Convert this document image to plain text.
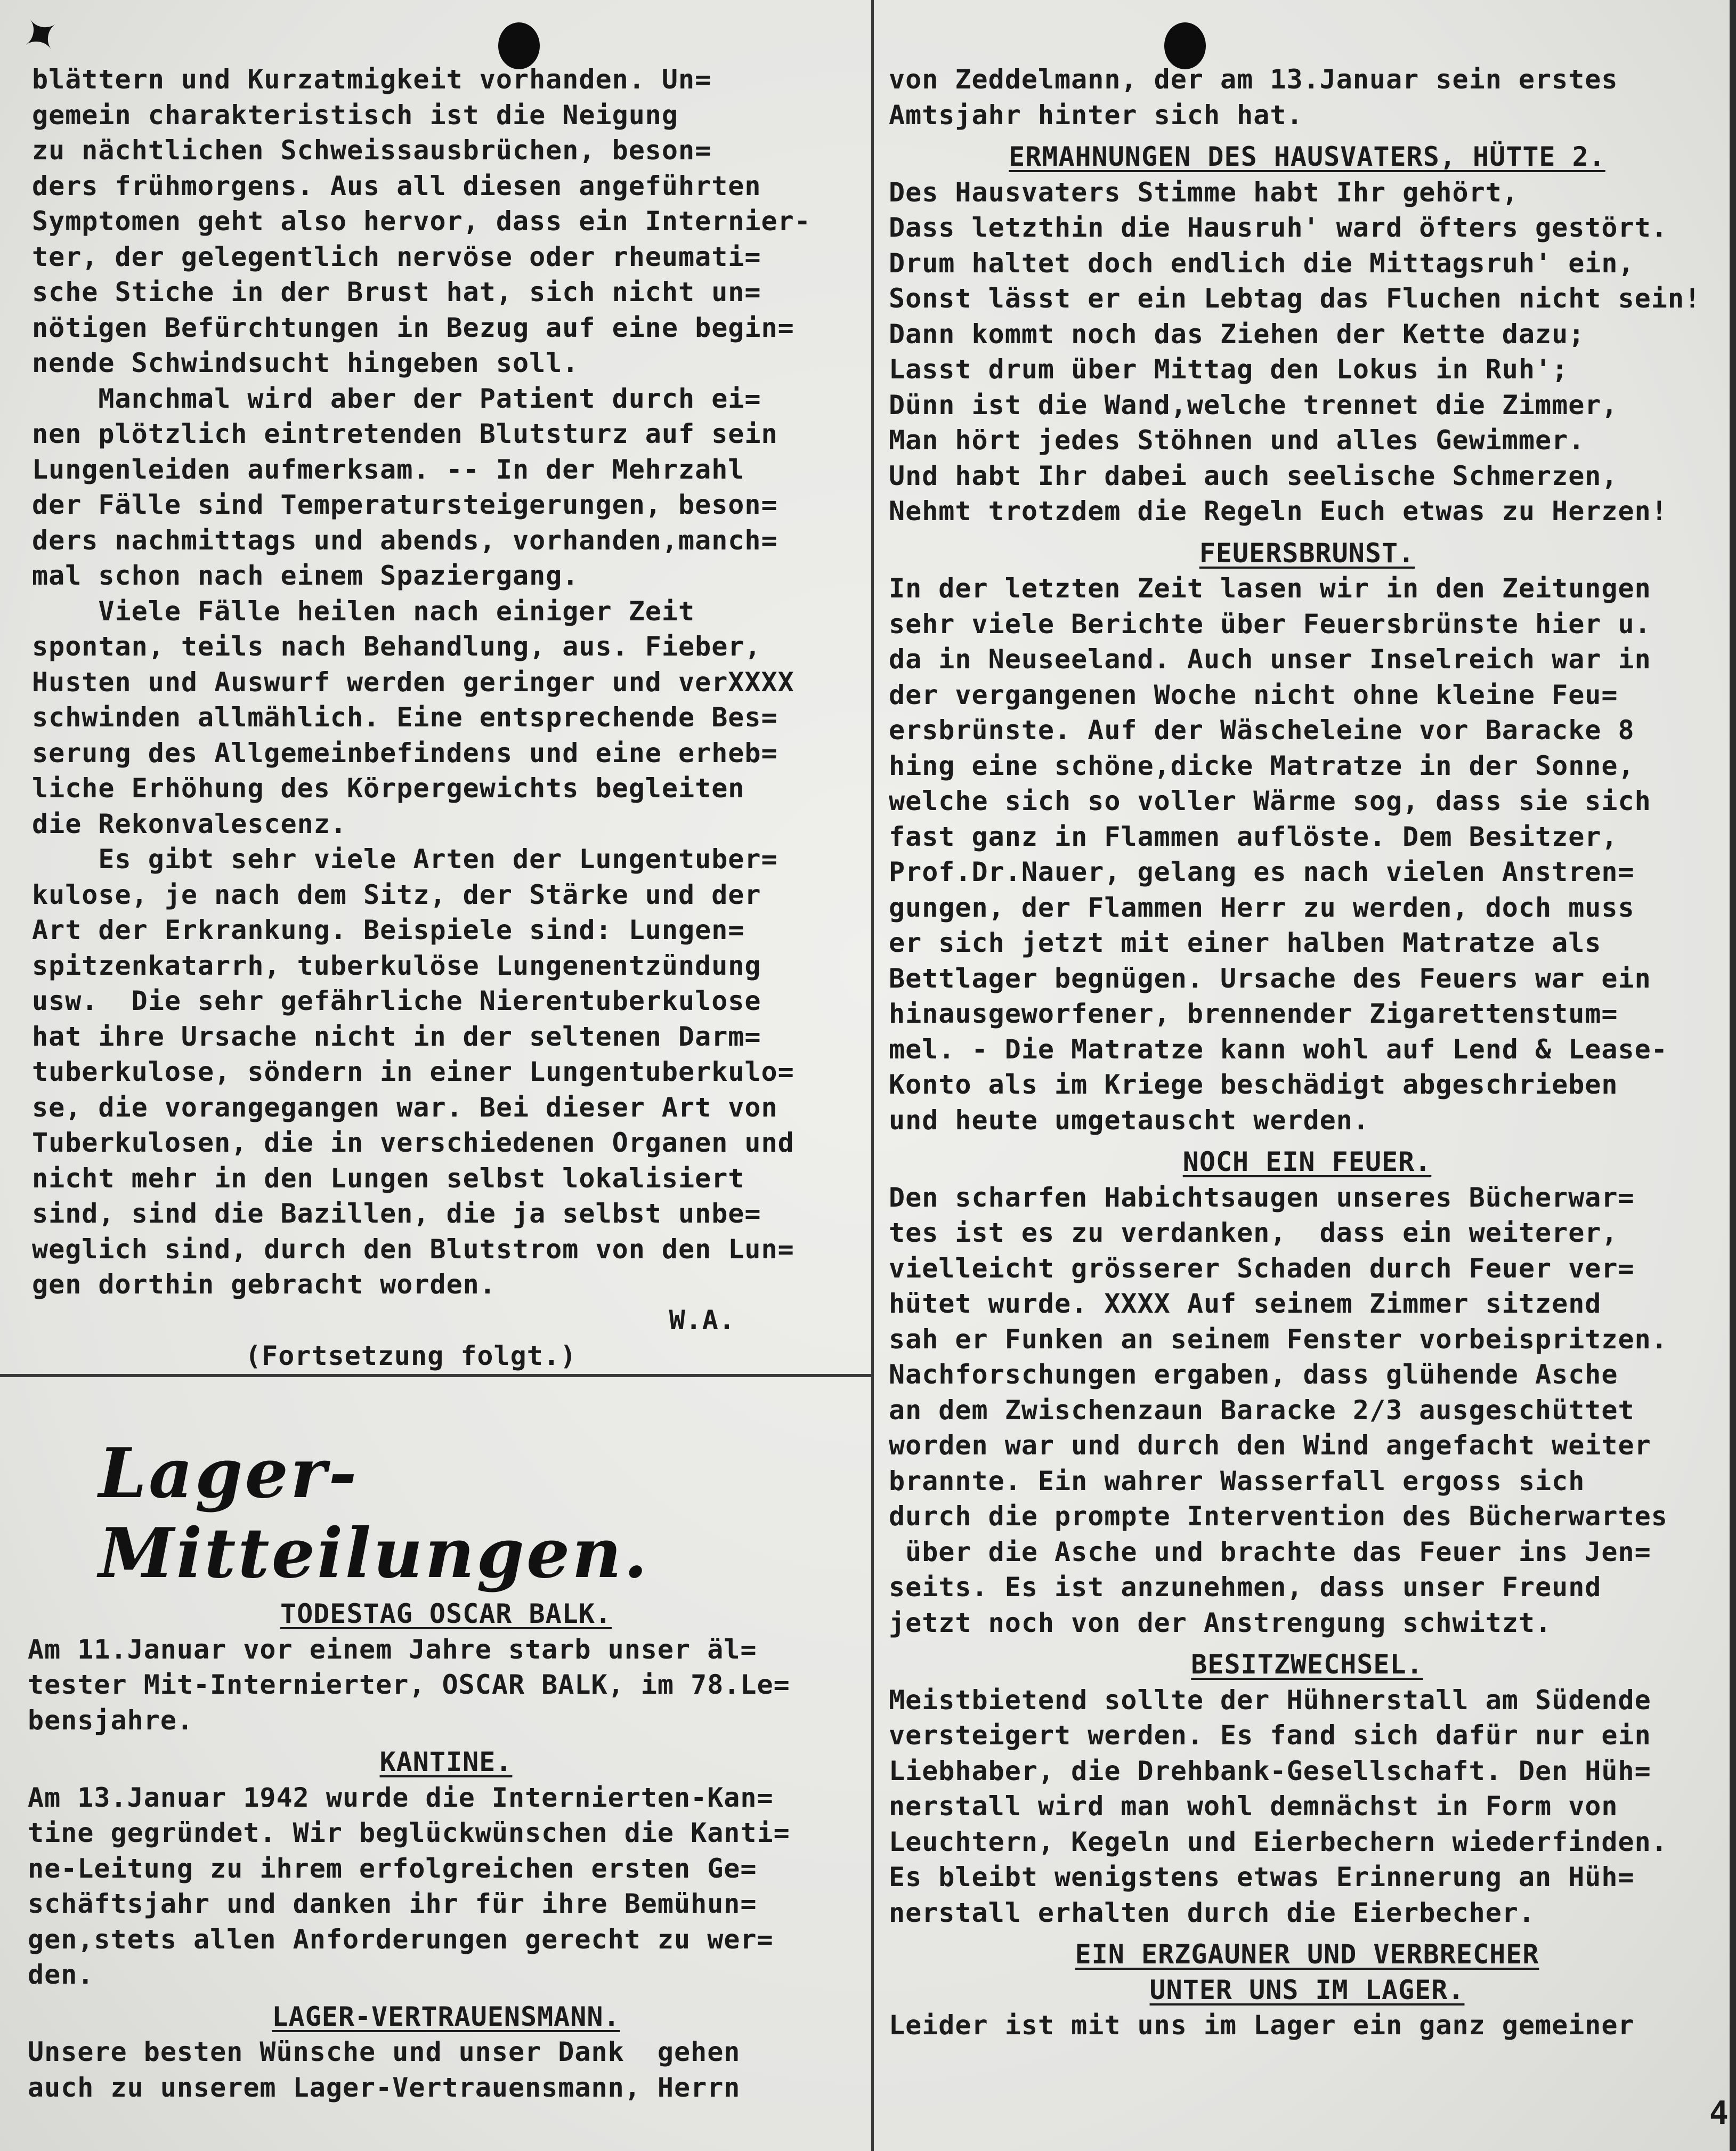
✦
blättern und Kurzatmigkeit vorhanden. Un=
gemein charakteristisch ist die Neigung
zu nächtlichen Schweissausbrüchen, beson=
ders frühmorgens. Aus all diesen angeführten
Symptomen geht also hervor, dass ein Internier-
ter, der gelegentlich nervöse oder rheumati=
sche Stiche in der Brust hat, sich nicht un=
nötigen Befürchtungen in Bezug auf eine begin=
nende Schwindsucht hingeben soll.
Manchmal wird aber der Patient durch ei=
nen plötzlich eintretenden Blutsturz auf sein
Lungenleiden aufmerksam. -- In der Mehrzahl
der Fälle sind Temperatursteigerungen, beson=
ders nachmittags und abends, vorhanden,manch=
mal schon nach einem Spaziergang.
Viele Fälle heilen nach einiger Zeit
spontan, teils nach Behandlung, aus. Fieber,
Husten und Auswurf werden geringer und verXXXX
schwinden allmählich. Eine entsprechende Bes=
serung des Allgemeinbefindens und eine erheb=
liche Erhöhung des Körpergewichts begleiten
die Rekonvalescenz.
Es gibt sehr viele Arten der Lungentuber=
kulose, je nach dem Sitz, der Stärke und der
Art der Erkrankung. Beispiele sind: Lungen=
spitzenkatarrh, tuberkulöse Lungenentzündung
usw.  Die sehr gefährliche Nierentuberkulose
hat ihre Ursache nicht in der seltenen Darm=
tuberkulose, söndern in einer Lungentuberkulo=
se, die vorangegangen war. Bei dieser Art von
Tuberkulosen, die in verschiedenen Organen und
nicht mehr in den Lungen selbst lokalisiert
sind, sind die Bazillen, die ja selbst unbe=
weglich sind, durch den Blutstrom von den Lun=
gen dorthin gebracht worden.
W.A.
(Fortsetzung folgt.)
Lager-Mitteilungen.
TODESTAG OSCAR BALK.
Am 11.Januar vor einem Jahre starb unser äl=
tester Mit-Internierter, OSCAR BALK, im 78.Le=
bensjahre.
KANTINE.
Am 13.Januar 1942 wurde die Internierten-Kan=
tine gegründet. Wir beglückwünschen die Kanti=
ne-Leitung zu ihrem erfolgreichen ersten Ge=
schäftsjahr und danken ihr für ihre Bemühun=
gen,stets allen Anforderungen gerecht zu wer=
den.
LAGER-VERTRAUENSMANN.
Unsere besten Wünsche und unser Dank  gehen
auch zu unserem Lager-Vertrauensmann, Herrn
von Zeddelmann, der am 13.Januar sein erstes
Amtsjahr hinter sich hat.
ERMAHNUNGEN DES HAUSVATERS, HÜTTE 2.
Des Hausvaters Stimme habt Ihr gehört,
Dass letzthin die Hausruh' ward öfters gestört.
Drum haltet doch endlich die Mittagsruh' ein,
Sonst lässt er ein Lebtag das Fluchen nicht sein!
Dann kommt noch das Ziehen der Kette dazu;
Lasst drum über Mittag den Lokus in Ruh';
Dünn ist die Wand,welche trennet die Zimmer,
Man hört jedes Stöhnen und alles Gewimmer.
Und habt Ihr dabei auch seelische Schmerzen,
Nehmt trotzdem die Regeln Euch etwas zu Herzen!
FEUERSBRUNST.
In der letzten Zeit lasen wir in den Zeitungen
sehr viele Berichte über Feuersbrünste hier u.
da in Neuseeland. Auch unser Inselreich war in
der vergangenen Woche nicht ohne kleine Feu=
ersbrünste. Auf der Wäscheleine vor Baracke 8
hing eine schöne,dicke Matratze in der Sonne,
welche sich so voller Wärme sog, dass sie sich
fast ganz in Flammen auflöste. Dem Besitzer,
Prof.Dr.Nauer, gelang es nach vielen Anstren=
gungen, der Flammen Herr zu werden, doch muss
er sich jetzt mit einer halben Matratze als
Bettlager begnügen. Ursache des Feuers war ein
hinausgeworfener, brennender Zigarettenstum=
mel. - Die Matratze kann wohl auf Lend & Lease-
Konto als im Kriege beschädigt abgeschrieben
und heute umgetauscht werden.
NOCH EIN FEUER.
Den scharfen Habichtsaugen unseres Bücherwar=
tes ist es zu verdanken,  dass ein weiterer,
vielleicht grösserer Schaden durch Feuer ver=
hütet wurde. XXXX Auf seinem Zimmer sitzend
sah er Funken an seinem Fenster vorbeispritzen.
Nachforschungen ergaben, dass glühende Asche
an dem Zwischenzaun Baracke 2/3 ausgeschüttet
worden war und durch den Wind angefacht weiter
brannte. Ein wahrer Wasserfall ergoss sich
durch die prompte Intervention des Bücherwartes
über die Asche und brachte das Feuer ins Jen=
seits. Es ist anzunehmen, dass unser Freund
jetzt noch von der Anstrengung schwitzt.
BESITZWECHSEL.
Meistbietend sollte der Hühnerstall am Südende
versteigert werden. Es fand sich dafür nur ein
Liebhaber, die Drehbank-Gesellschaft. Den Hüh=
nerstall wird man wohl demnächst in Form von
Leuchtern, Kegeln und Eierbechern wiederfinden.
Es bleibt wenigstens etwas Erinnerung an Hüh=
nerstall erhalten durch die Eierbecher.
EIN ERZGAUNER UND VERBRECHER
UNTER UNS IM LAGER.
Leider ist mit uns im Lager ein ganz gemeiner
4
